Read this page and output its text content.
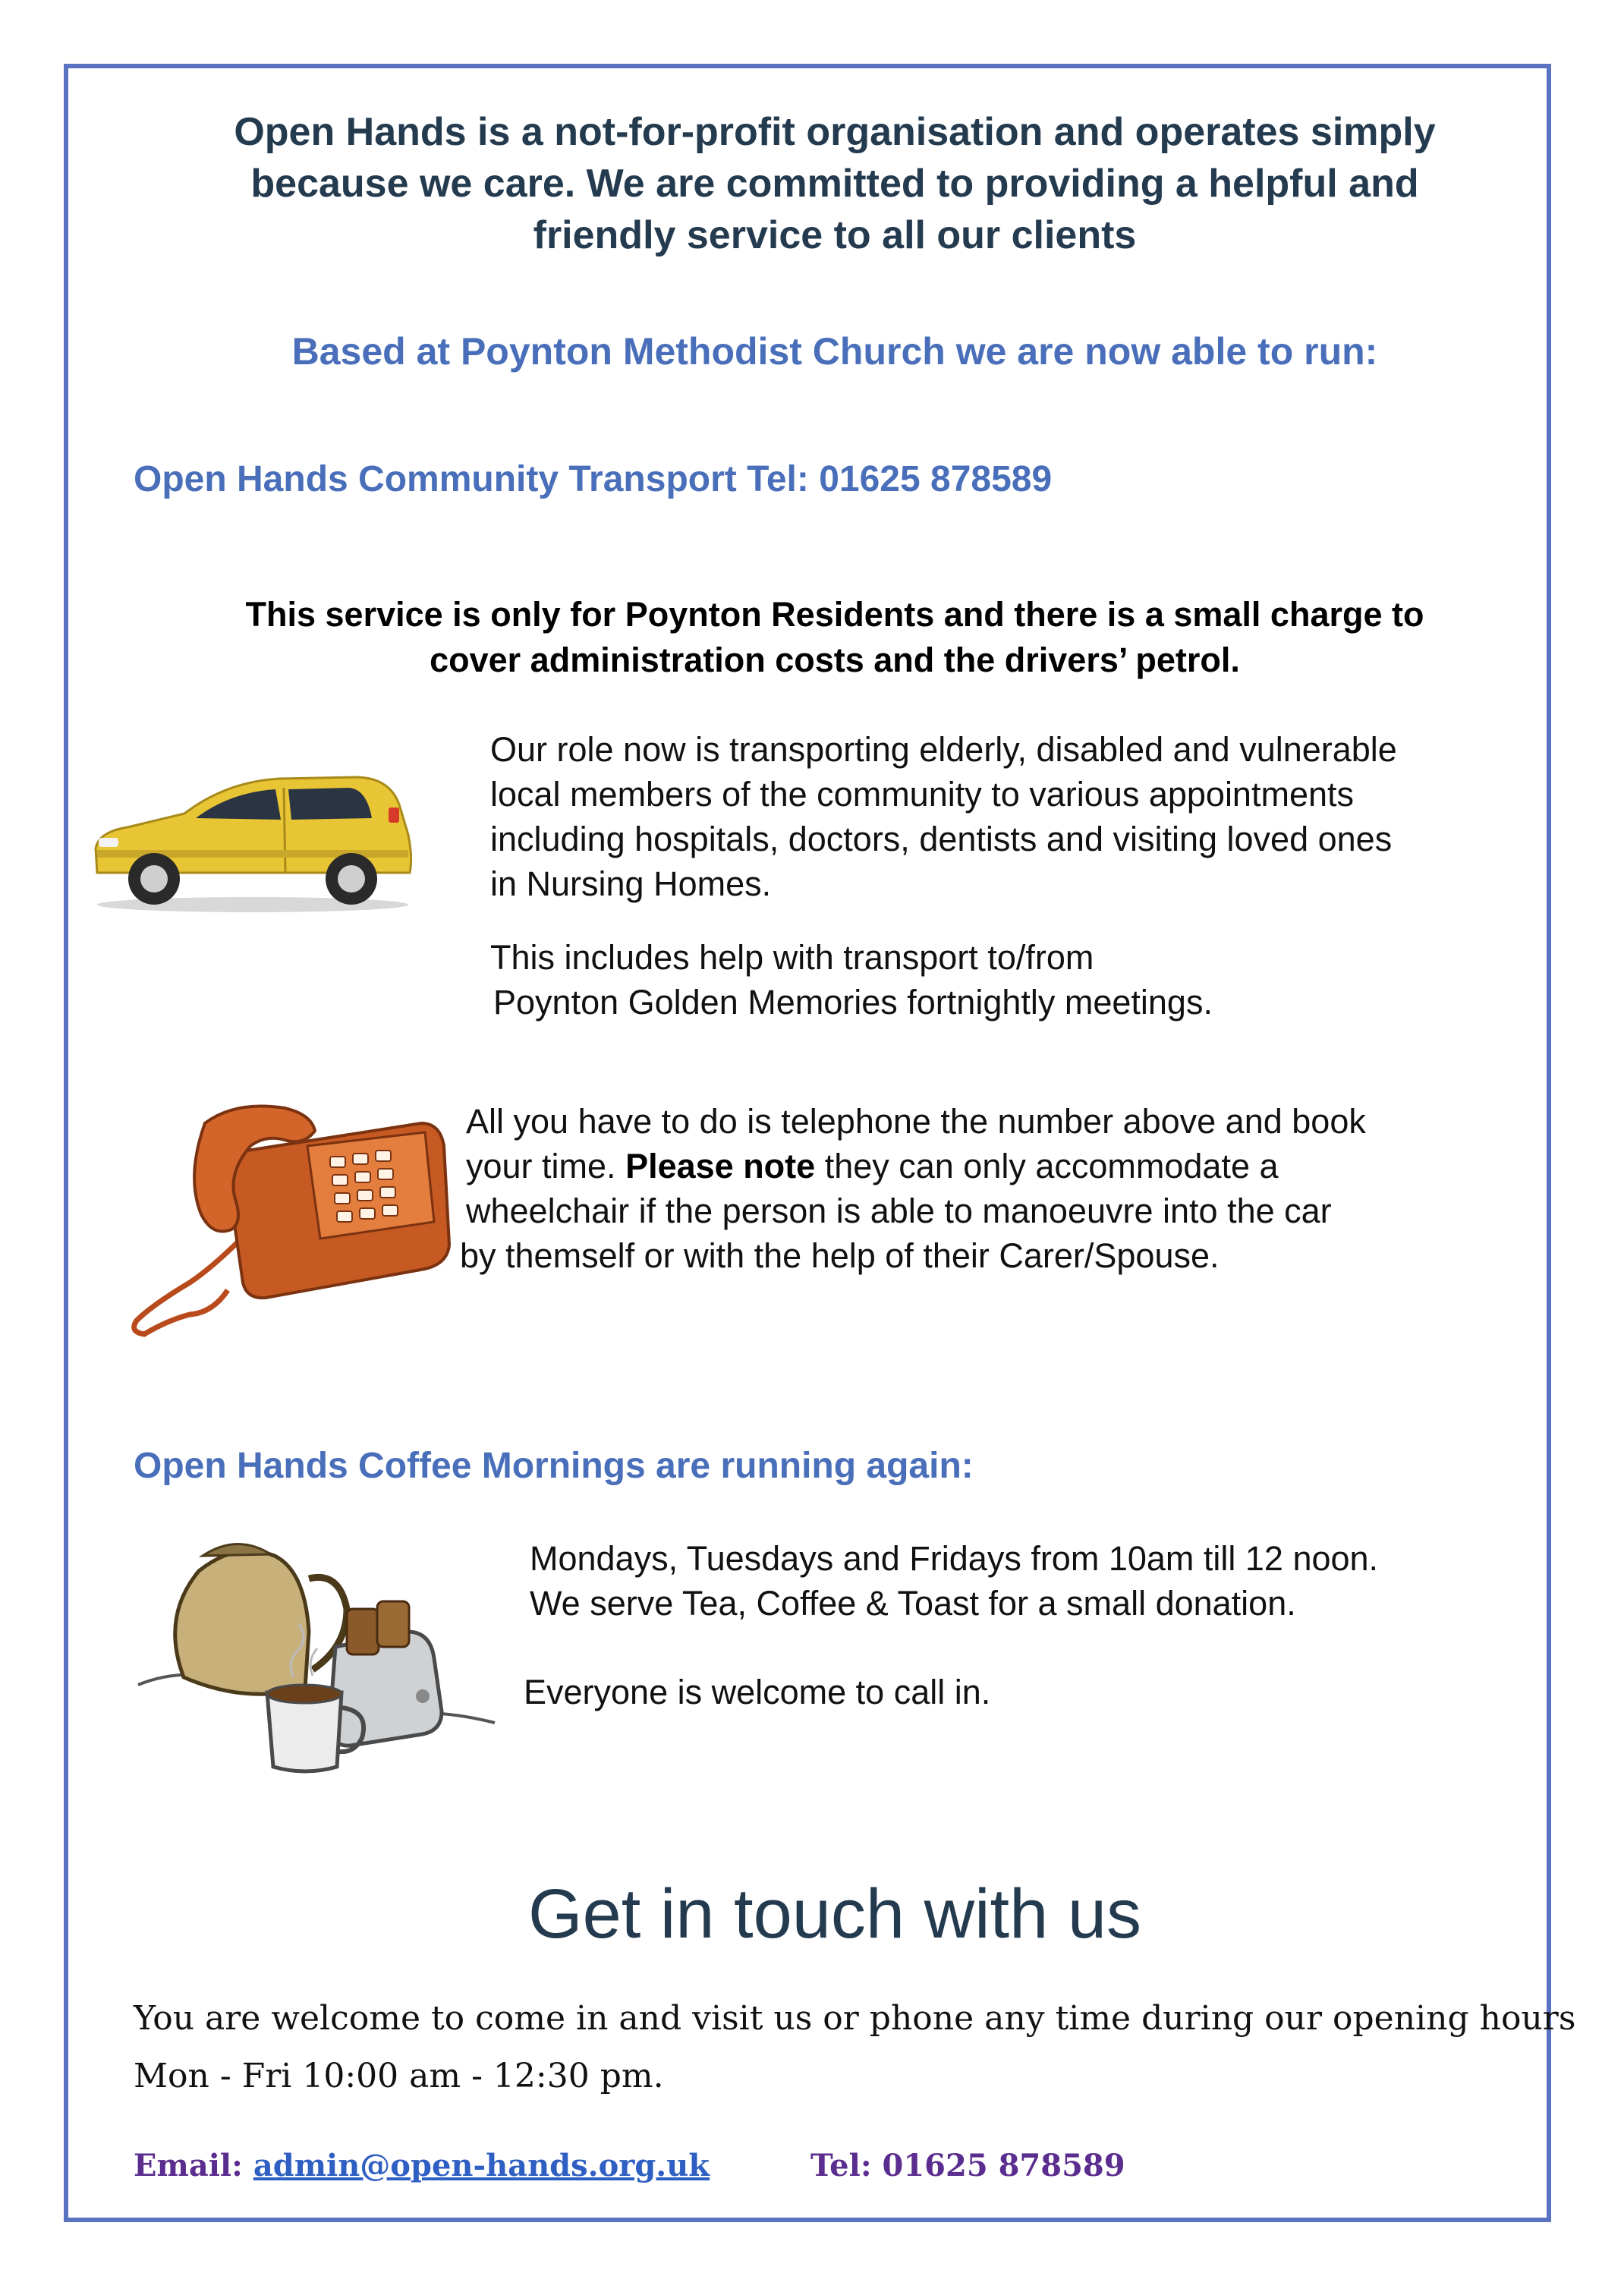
Open Hands is a not-for-profit organisation and operates simply
because we care. We are committed to providing a helpful and
friendly service to all our clients
Based at Poynton Methodist Church we are now able to run:
Open Hands Community Transport Tel: 01625 878589
This service is only for Poynton Residents and there is a small charge to
cover administration costs and the drivers’ petrol.
Our role now is transporting elderly, disabled and vulnerable
local members of the community to various appointments
including hospitals, doctors, dentists and visiting loved ones
in Nursing Homes.
This includes help with transport to/from
Poynton Golden Memories fortnightly meetings.
All you have to do is telephone the number above and book
your time. Please note they can only accommodate a
wheelchair if the person is able to manoeuvre into the car
by themself or with the help of their Carer/Spouse.
Open Hands Coffee Mornings are running again:
Mondays, Tuesdays and Fridays from 10am till 12 noon.
We serve Tea, Coffee & Toast for a small donation.
Everyone is welcome to call in.
Get in touch with us
You are welcome to come in and visit us or phone any time during our opening hours
Mon - Fri 10:00 am - 12:30 pm.
Email: admin@open-hands.org.uk	Tel: 01625 878589
